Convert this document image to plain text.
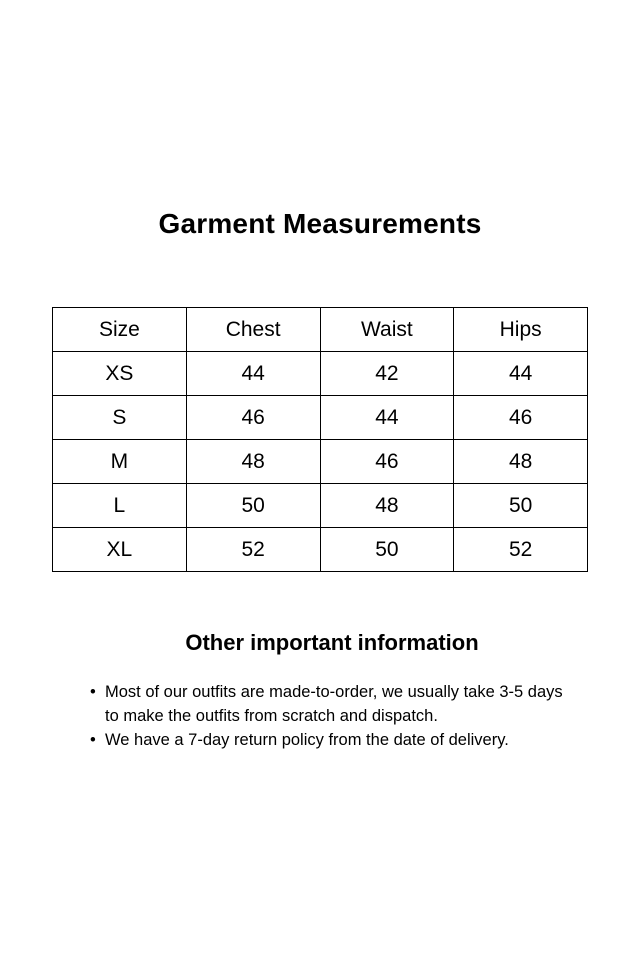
Garment Measurements
Size	Chest	Waist	Hips
XS	44	42	44
S	46	44	46
M	48	46	48
L	50	48	50
XL	52	50	52
Other important information
• Most of our outfits are made-to-order, we usually take 3-5 days to make the outfits from scratch and dispatch.
• We have a 7-day return policy from the date of delivery.
